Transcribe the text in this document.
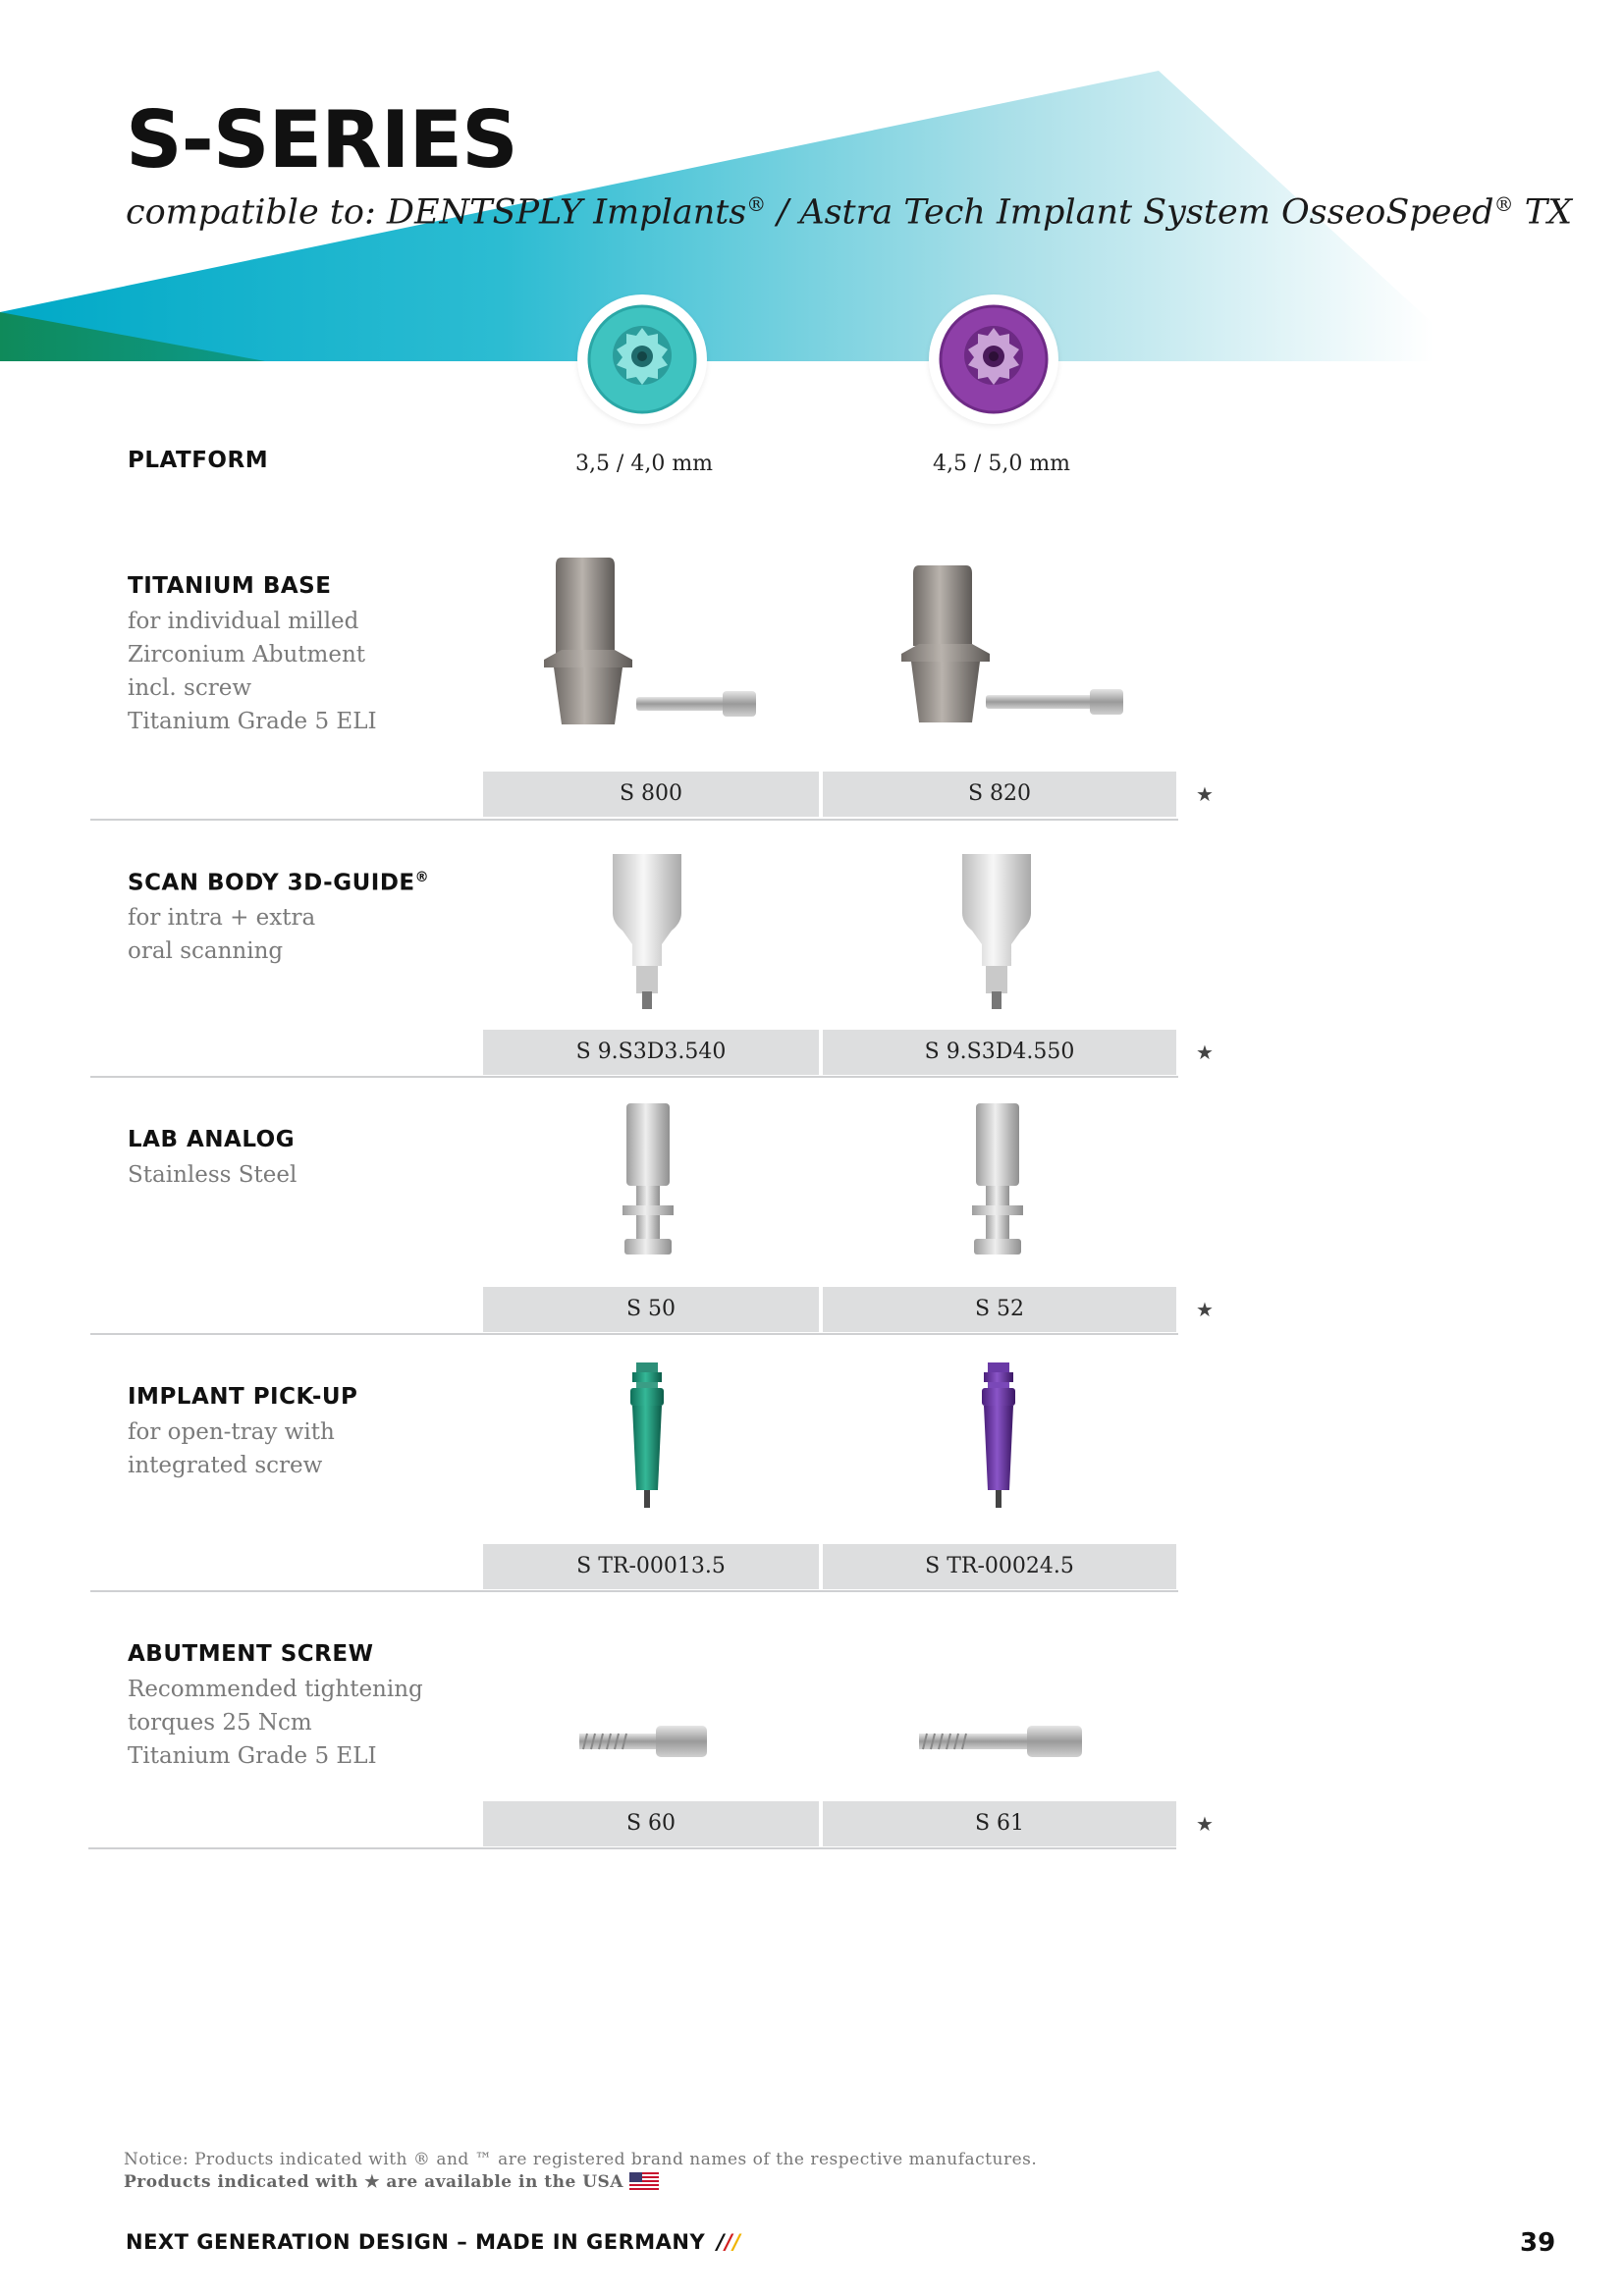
S-SERIES

compatible to: DENTSPLY Implants® / Astra Tech Implant System OsseoSpeed® TX

PLATFORM	3,5 / 4,0 mm	4,5 / 5,0 mm
TITANIUM BASE
for individual milled
Zirconium Abutment
incl. screw
Titanium Grade 5 ELI
S 800	S 820	★
SCAN BODY 3D-GUIDE®
for intra + extra
oral scanning
S 9.S3D3.540	S 9.S3D4.550	★
LAB ANALOG
Stainless Steel
S 50	S 52	★
IMPLANT PICK-UP
for open-tray with
integrated screw
S TR-00013.5	S TR-00024.5
ABUTMENT SCREW
Recommended tightening
torques 25 Ncm
Titanium Grade 5 ELI
S 60	S 61	★
Notice: Products indicated with ® and ™ are registered brand names of the respective manufactures.
Products indicated with ★ are available in the USA

NEXT GENERATION DESIGN – MADE IN GERMANY ///	39
